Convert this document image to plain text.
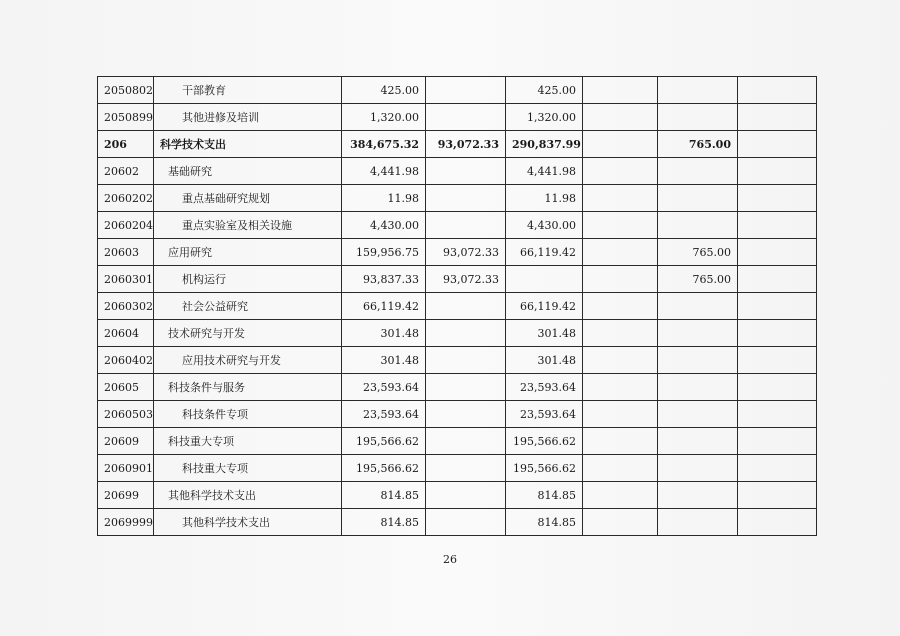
2050802	干部教育	425.00		425.00			
2050899	其他进修及培训	1,320.00		1,320.00			
206	科学技术支出	384,675.32	93,072.33	290,837.99		765.00	
20602	基础研究	4,441.98		4,441.98			
2060202	重点基础研究规划	11.98		11.98			
2060204	重点实验室及相关设施	4,430.00		4,430.00			
20603	应用研究	159,956.75	93,072.33	66,119.42		765.00	
2060301	机构运行	93,837.33	93,072.33			765.00	
2060302	社会公益研究	66,119.42		66,119.42			
20604	技术研究与开发	301.48		301.48			
2060402	应用技术研究与开发	301.48		301.48			
20605	科技条件与服务	23,593.64		23,593.64			
2060503	科技条件专项	23,593.64		23,593.64			
20609	科技重大专项	195,566.62		195,566.62			
2060901	科技重大专项	195,566.62		195,566.62			
20699	其他科学技术支出	814.85		814.85			
2069999	其他科学技术支出	814.85		814.85			
26
